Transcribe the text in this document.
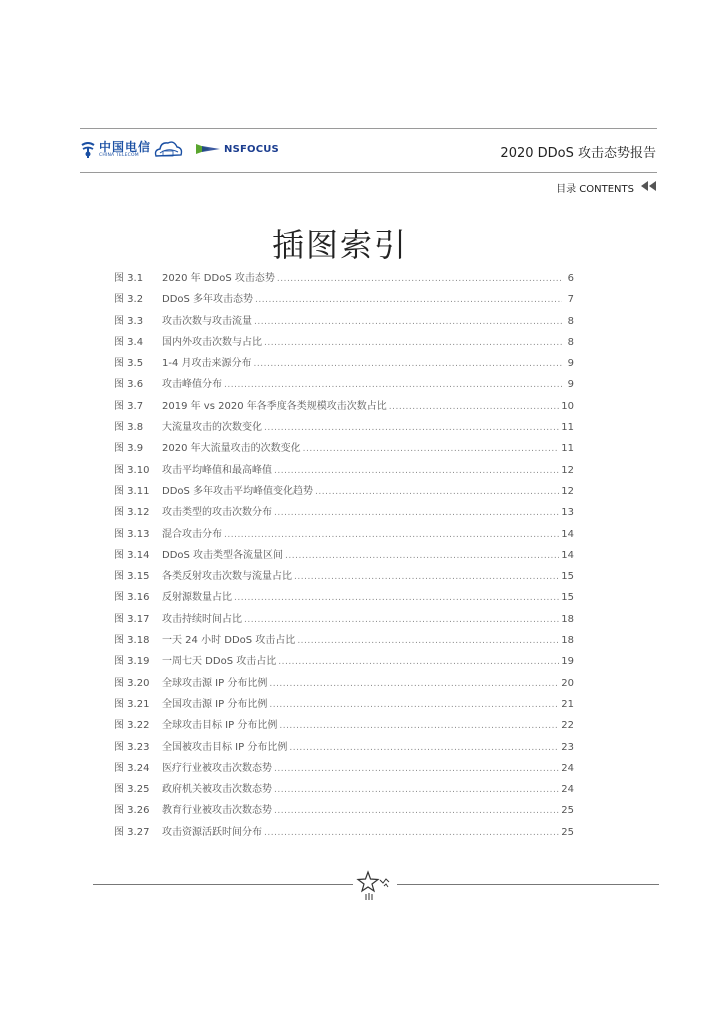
中国电信
CHINA TELECOM
NSFOCUS	2020 DDoS 攻击态势报告
目录 CONTENTS
插图索引
图 3.1	2020 年 DDoS 攻击态势 .....	6
图 3.2	DDoS 多年攻击态势 .....	7
图 3.3	攻击次数与攻击流量 .....	8
图 3.4	国内外攻击次数与占比 .....	8
图 3.5	1-4 月攻击来源分布 .....	9
图 3.6	攻击峰值分布 .....	9
图 3.7	2019 年 vs 2020 年各季度各类规模攻击次数占比 .....	10
图 3.8	大流量攻击的次数变化 .....	11
图 3.9	2020 年大流量攻击的次数变化 .....	11
图 3.10	攻击平均峰值和最高峰值 .....	12
图 3.11	DDoS 多年攻击平均峰值变化趋势 .....	12
图 3.12	攻击类型的攻击次数分布 .....	13
图 3.13	混合攻击分布 .....	14
图 3.14	DDoS 攻击类型各流量区间 .....	14
图 3.15	各类反射攻击次数与流量占比 .....	15
图 3.16	反射源数量占比 .....	15
图 3.17	攻击持续时间占比 .....	18
图 3.18	一天 24 小时 DDoS 攻击占比 .....	18
图 3.19	一周七天 DDoS 攻击占比 .....	19
图 3.20	全球攻击源 IP 分布比例 .....	20
图 3.21	全国攻击源 IP 分布比例 .....	21
图 3.22	全球攻击目标 IP 分布比例 .....	22
图 3.23	全国被攻击目标 IP 分布比例 .....	23
图 3.24	医疗行业被攻击次数态势 .....	24
图 3.25	政府机关被攻击次数态势 .....	24
图 3.26	教育行业被攻击次数态势 .....	25
图 3.27	攻击资源活跃时间分布 .....	25
